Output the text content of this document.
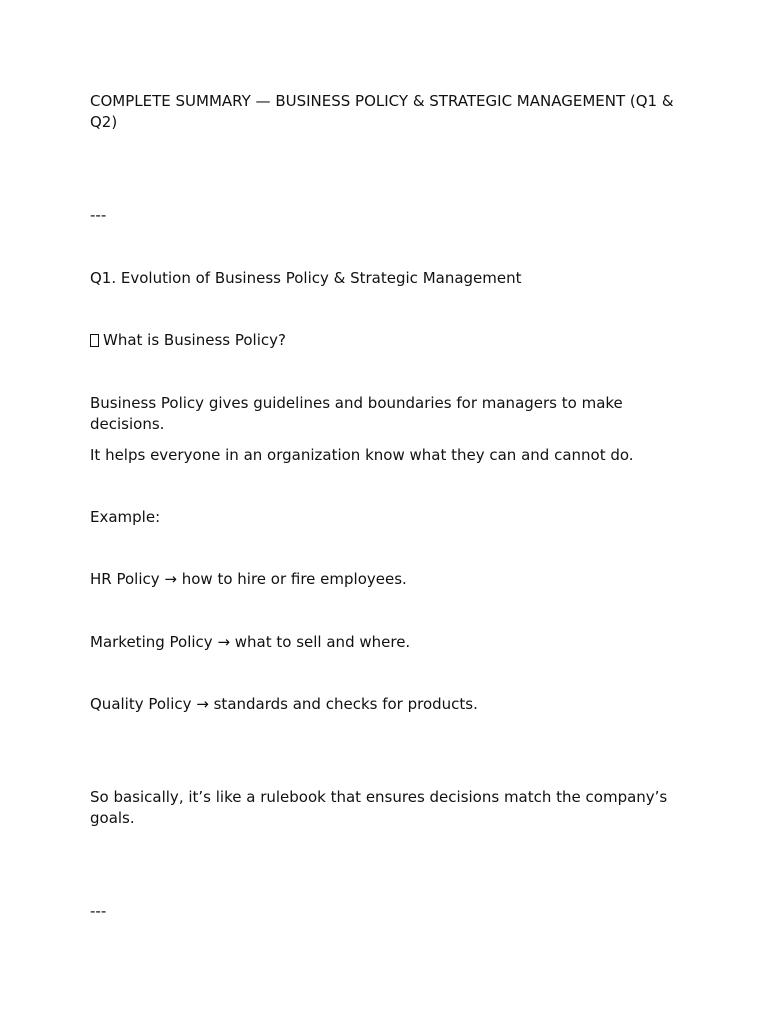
COMPLETE SUMMARY — BUSINESS POLICY & STRATEGIC MANAGEMENT (Q1 & Q2)

---

Q1. Evolution of Business Policy & Strategic Management

What is Business Policy?

Business Policy gives guidelines and boundaries for managers to make decisions.

It helps everyone in an organization know what they can and cannot do.

Example:

HR Policy → how to hire or fire employees.

Marketing Policy → what to sell and where.

Quality Policy → standards and checks for products.

So basically, it’s like a rulebook that ensures decisions match the company’s goals.

---
